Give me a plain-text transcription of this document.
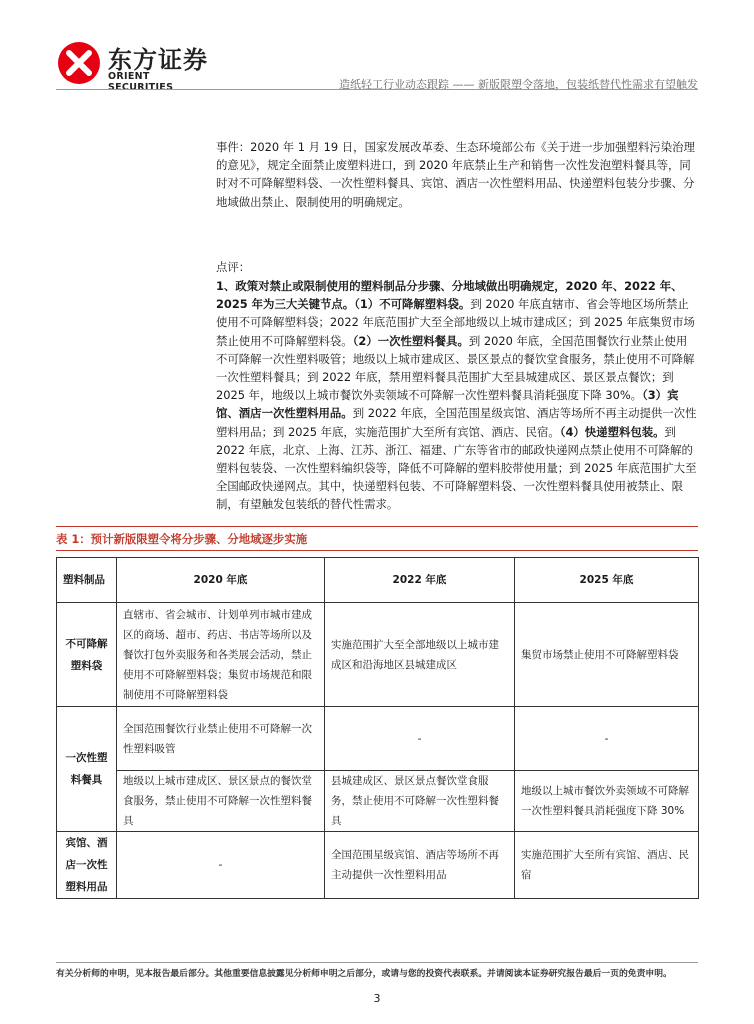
东方证券
ORIENT SECURITIES	造纸轻工行业动态跟踪 —— 新版限塑令落地，包装纸替代性需求有望触发

事件：2020 年 1 月 19 日，国家发展改革委、生态环境部公布《关于进一步加强塑料污染治理的意见》，规定全面禁止废塑料进口，到 2020 年底禁止生产和销售一次性发泡塑料餐具等，同时对不可降解塑料袋、一次性塑料餐具、宾馆、酒店一次性塑料用品、快递塑料包装分步骤、分地域做出禁止、限制使用的明确规定。

点评：

1、政策对禁止或限制使用的塑料制品分步骤、分地域做出明确规定，2020 年、2022 年、2025 年为三大关键节点。（1）不可降解塑料袋。到 2020 年底直辖市、省会等地区场所禁止使用不可降解塑料袋；2022 年底范围扩大至全部地级以上城市建成区；到 2025 年底集贸市场禁止使用不可降解塑料袋。（2）一次性塑料餐具。到 2020 年底，全国范围餐饮行业禁止使用不可降解一次性塑料吸管；地级以上城市建成区、景区景点的餐饮堂食服务，禁止使用不可降解一次性塑料餐具；到 2022 年底，禁用塑料餐具范围扩大至县城建成区、景区景点餐饮；到 2025 年，地级以上城市餐饮外卖领域不可降解一次性塑料餐具消耗强度下降 30%。（3）宾馆、酒店一次性塑料用品。到 2022 年底，全国范围星级宾馆、酒店等场所不再主动提供一次性塑料用品；到 2025 年底，实施范围扩大至所有宾馆、酒店、民宿。（4）快递塑料包装。到 2022 年底，北京、上海、江苏、浙江、福建、广东等省市的邮政快递网点禁止使用不可降解的塑料包装袋、一次性塑料编织袋等，降低不可降解的塑料胶带使用量；到 2025 年底范围扩大至全国邮政快递网点。其中，快递塑料包装、不可降解塑料袋、一次性塑料餐具使用被禁止、限制，有望触发包装纸的替代性需求。

表 1：预计新版限塑令将分步骤、分地域逐步实施
塑料制品	2020 年底	2022 年底	2025 年底
不可降解塑料袋	直辖市、省会城市、计划单列市城市建成区的商场、超市、药店、书店等场所以及餐饮打包外卖服务和各类展会活动，禁止使用不可降解塑料袋；集贸市场规范和限制使用不可降解塑料袋	实施范围扩大至全部地级以上城市建成区和沿海地区县城建成区	集贸市场禁止使用不可降解塑料袋
一次性塑料餐具	全国范围餐饮行业禁止使用不可降解一次性塑料吸管	-	-
	地级以上城市建成区、景区景点的餐饮堂食服务，禁止使用不可降解一次性塑料餐具	县城建成区、景区景点餐饮堂食服务，禁止使用不可降解一次性塑料餐具	地级以上城市餐饮外卖领域不可降解一次性塑料餐具消耗强度下降 30%
宾馆、酒店一次性塑料用品	-	全国范围星级宾馆、酒店等场所不再主动提供一次性塑料用品	实施范围扩大至所有宾馆、酒店、民宿
有关分析师的申明，见本报告最后部分。其他重要信息披露见分析师申明之后部分，或请与您的投资代表联系。并请阅读本证券研究报告最后一页的免责申明。
3
